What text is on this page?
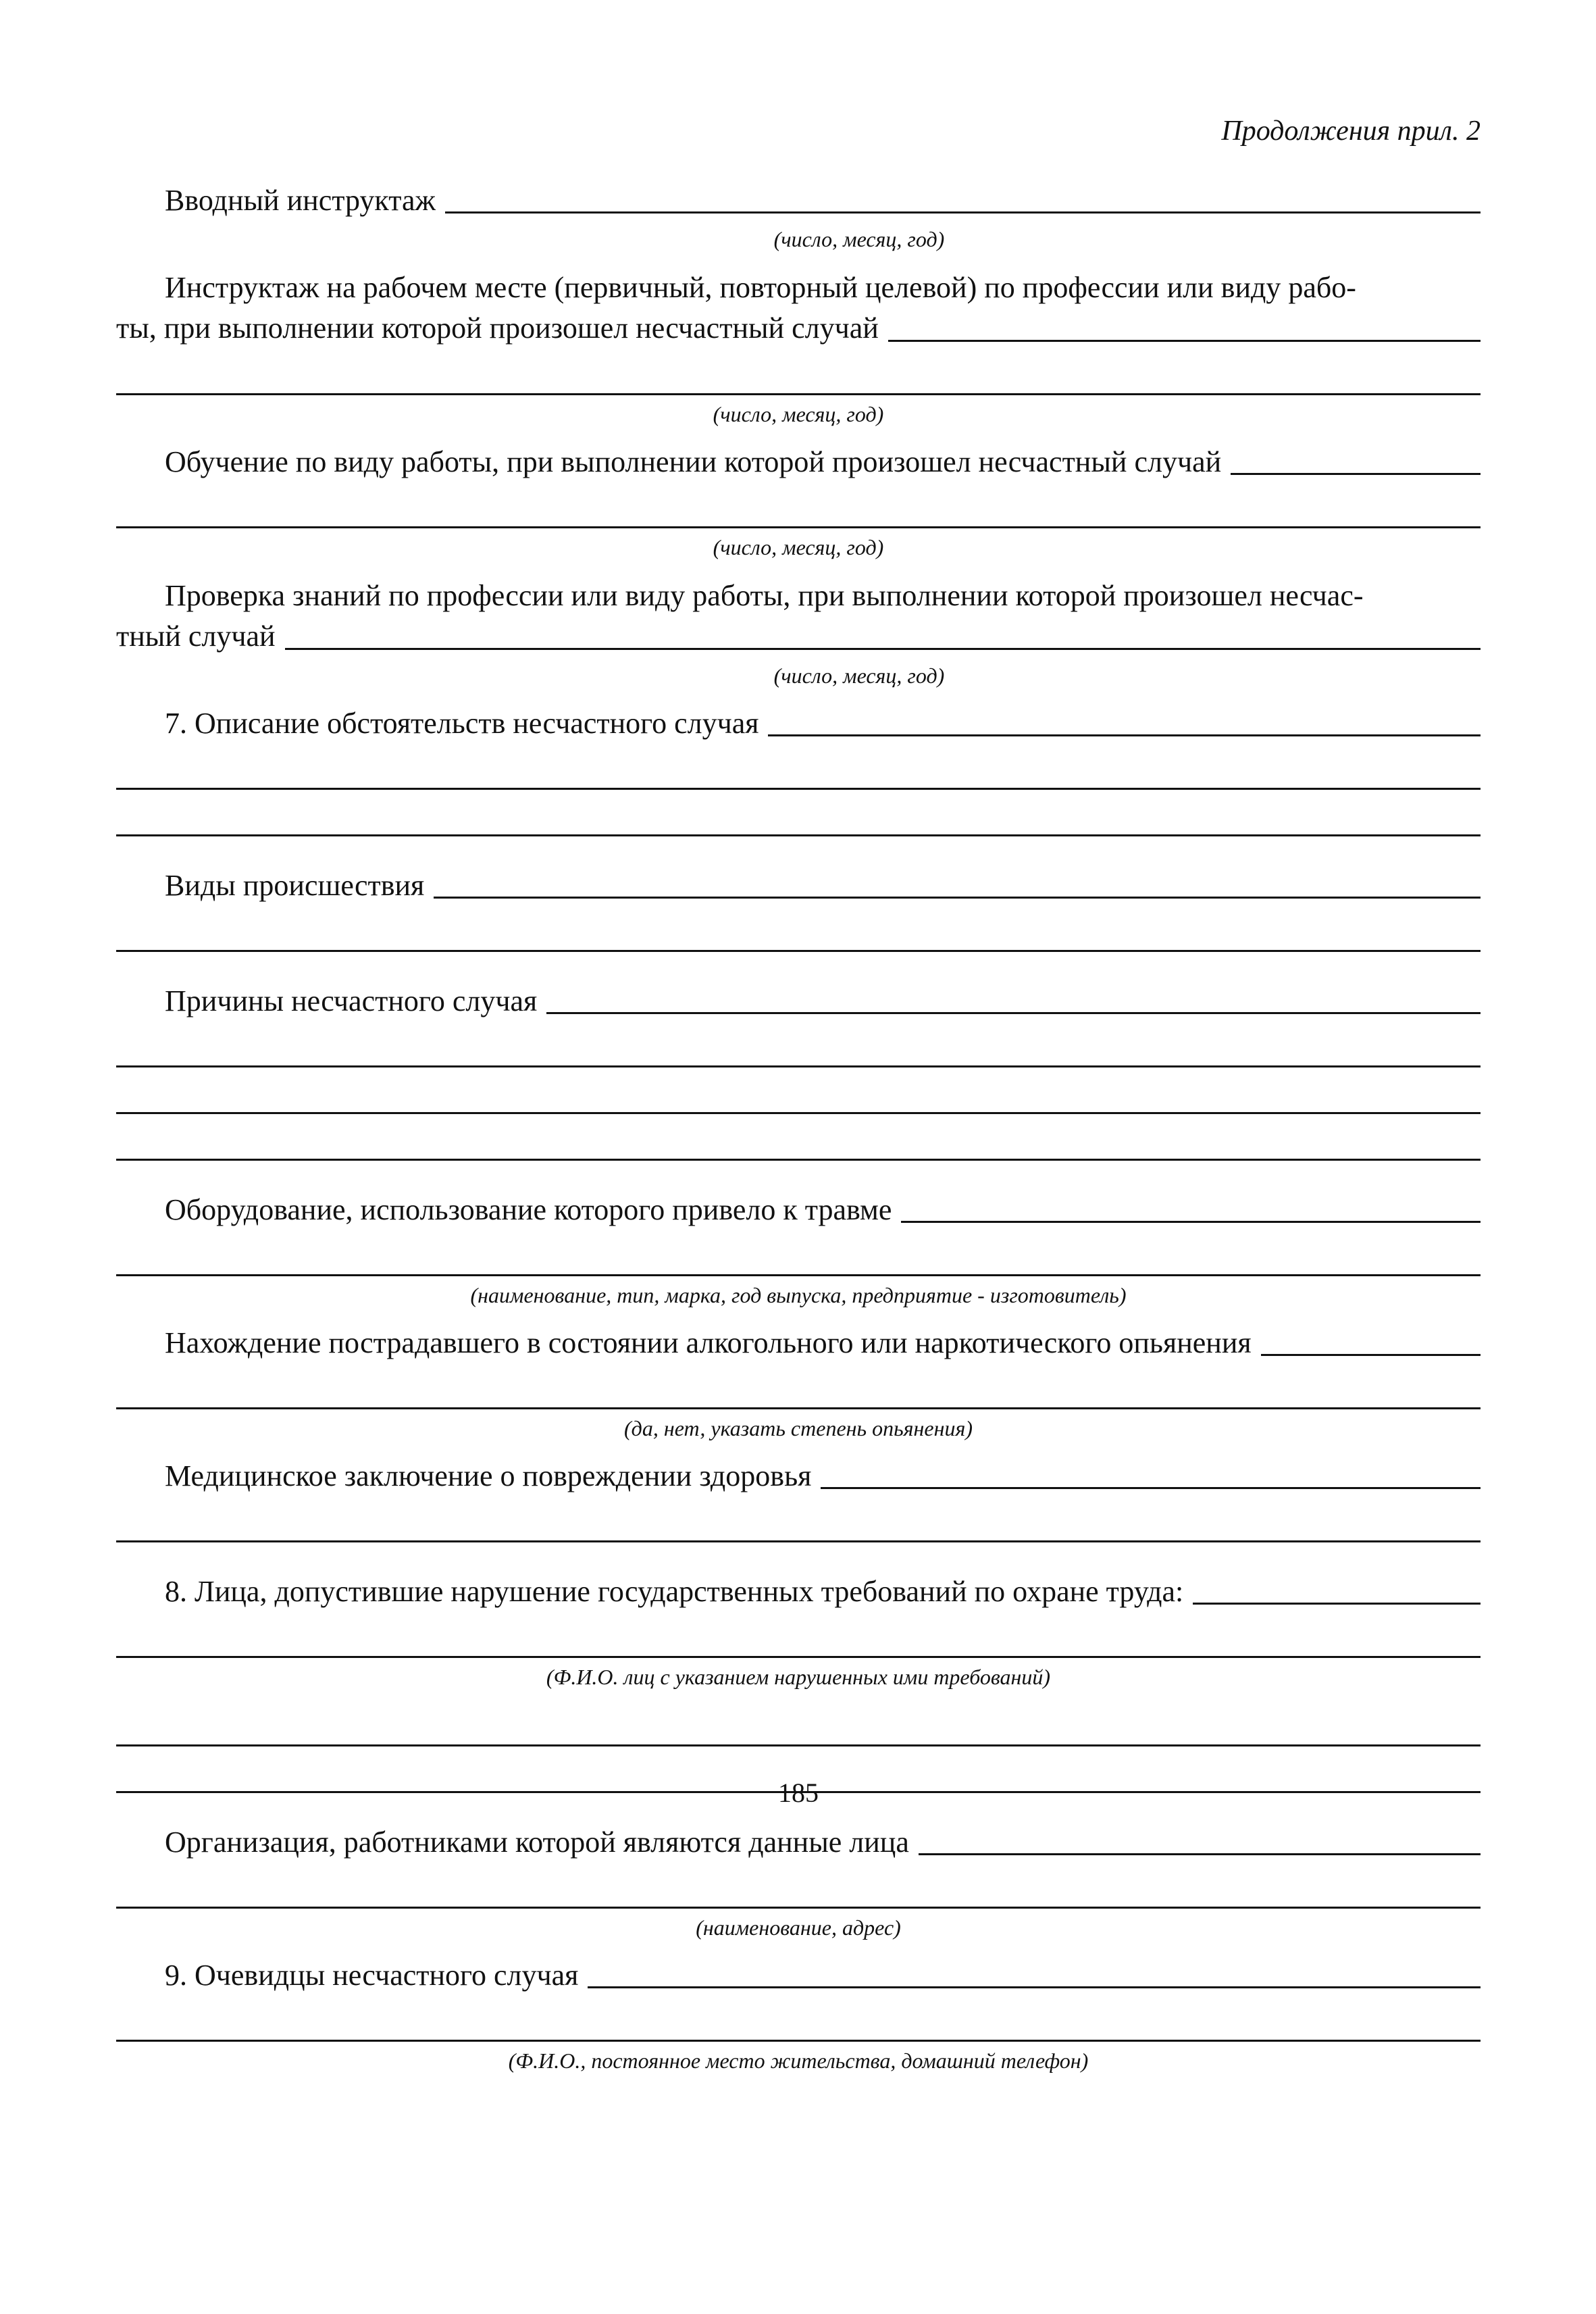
Продолжения прил. 2
Вводный инструктаж
(число, месяц, год)
Инструктаж на рабочем месте (первичный, повторный целевой) по профессии или виду рабо-
ты, при выполнении которой произошел несчастный случай
(число, месяц, год)
Обучение по виду работы, при выполнении которой произошел несчастный случай
(число, месяц, год)
Проверка знаний по профессии или виду работы, при выполнении которой произошел несчас-
тный случай
(число, месяц, год)
7. Описание обстоятельств несчастного случая
Виды происшествия
Причины несчастного случая
Оборудование, использование которого привело к травме
(наименование, тип, марка, год выпуска, предприятие - изготовитель)
Нахождение пострадавшего в состоянии алкогольного или наркотического опьянения
(да, нет, указать степень опьянения)
Медицинское заключение о повреждении здоровья
8. Лица, допустившие нарушение государственных требований по охране труда:
(Ф.И.О. лиц с указанием нарушенных ими требований)
Организация, работниками которой являются данные лица
(наименование, адрес)
9. Очевидцы несчастного случая
(Ф.И.О., постоянное место жительства, домашний телефон)
185
